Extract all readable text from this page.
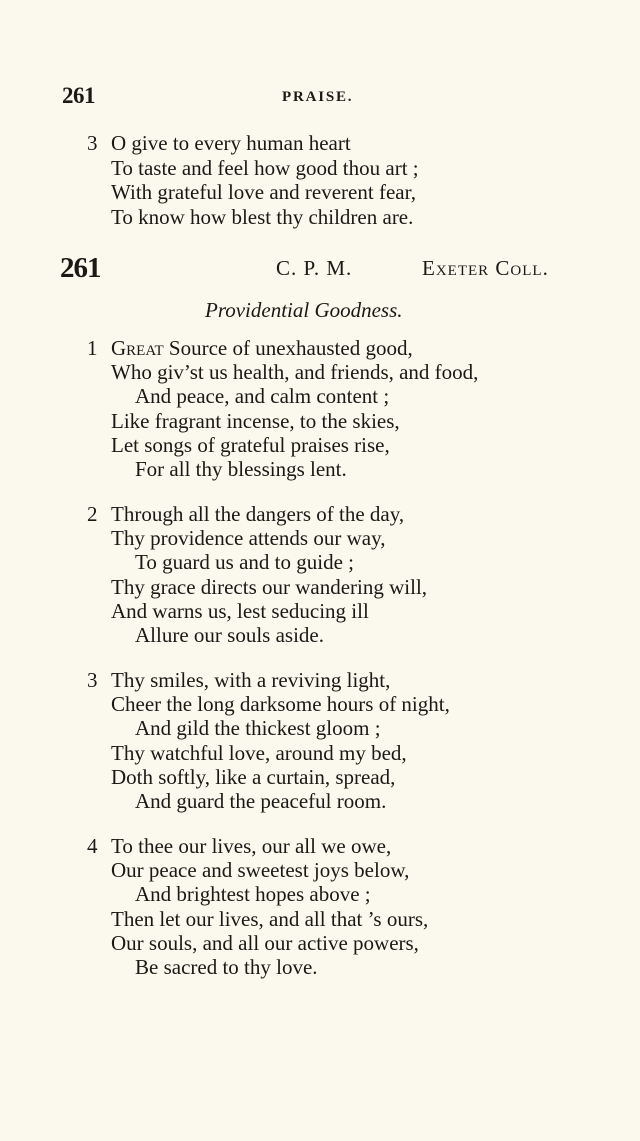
261	PRAISE.
3 O give to every human heart
To taste and feel how good thou art ;
With grateful love and reverent fear,
To know how blest thy children are.
261	C. P. M.	Exeter Coll.
Providential Goodness.
1 Great Source of unexhausted good,
Who giv’st us health, and friends, and food,
And peace, and calm content ;
Like fragrant incense, to the skies,
Let songs of grateful praises rise,
For all thy blessings lent.
2 Through all the dangers of the day,
Thy providence attends our way,
To guard us and to guide ;
Thy grace directs our wandering will,
And warns us, lest seducing ill
Allure our souls aside.
3 Thy smiles, with a reviving light,
Cheer the long darksome hours of night,
And gild the thickest gloom ;
Thy watchful love, around my bed,
Doth softly, like a curtain, spread,
And guard the peaceful room.
4 To thee our lives, our all we owe,
Our peace and sweetest joys below,
And brightest hopes above ;
Then let our lives, and all that ’s ours,
Our souls, and all our active powers,
Be sacred to thy love.
